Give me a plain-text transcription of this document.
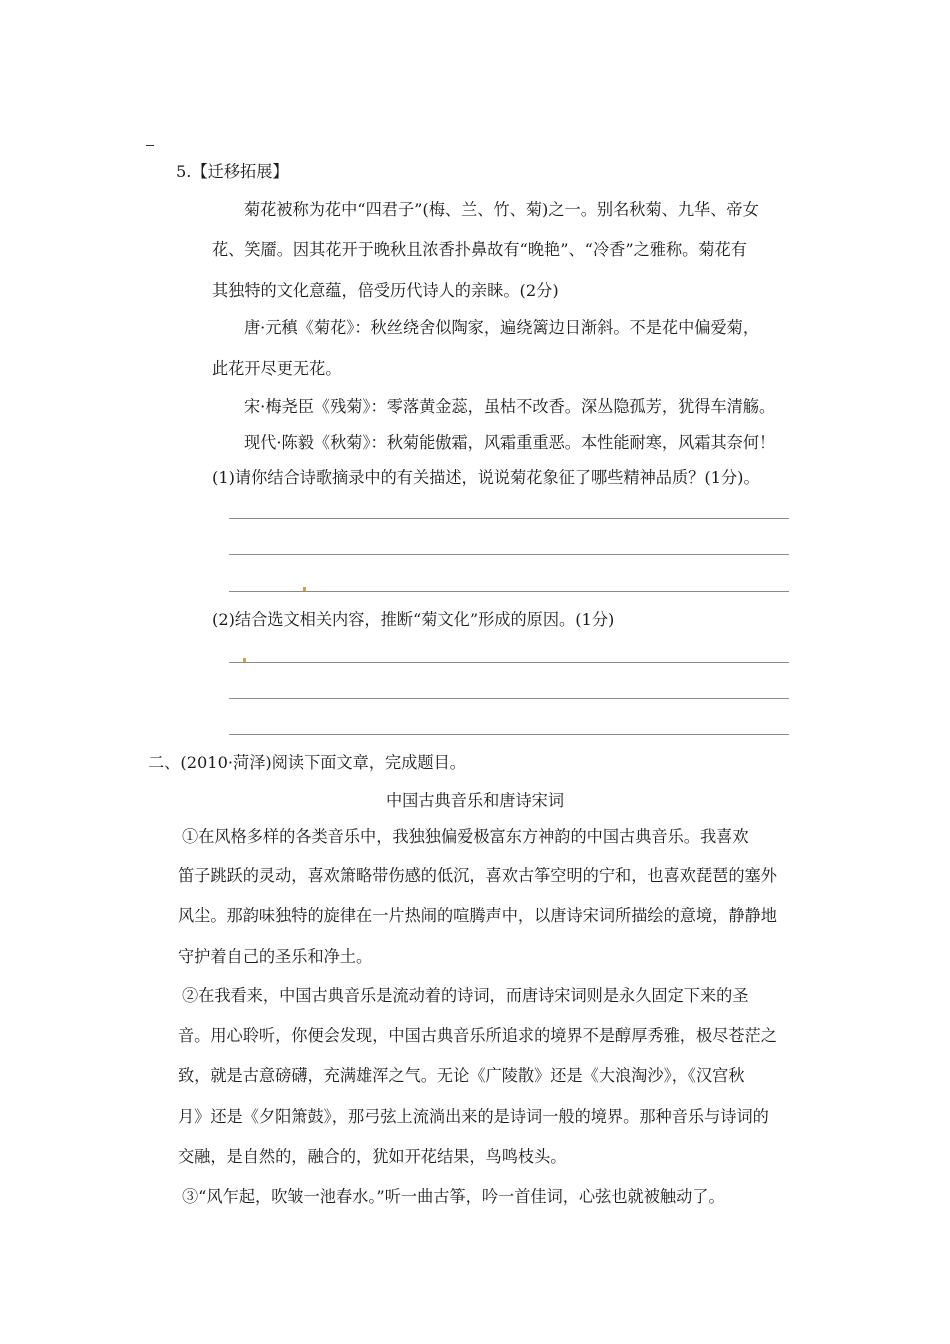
5.【迁移拓展】
菊花被称为花中“四君子”(梅、兰、竹、菊)之一。别名秋菊、九华、帝女
花、笑靥。因其花开于晚秋且浓香扑鼻故有“晚艳”、“冷香”之雅称。菊花有
其独特的文化意蕴，倍受历代诗人的亲睐。(2分)
唐·元稹《菊花》：秋丝绕舍似陶家，遍绕篱边日渐斜。不是花中偏爱菊，
此花开尽更无花。
宋·梅尧臣《残菊》：零落黄金蕊，虽枯不改香。深丛隐孤芳，犹得车清觞。
现代·陈毅《秋菊》：秋菊能傲霜，风霜重重恶。本性能耐寒，风霜其奈何！
(1)请你结合诗歌摘录中的有关描述，说说菊花象征了哪些精神品质？(1分)。
(2)结合选文相关内容，推断“菊文化”形成的原因。(1分)
二、(2010·菏泽)阅读下面文章，完成题目。
中国古典音乐和唐诗宋词
①在风格多样的各类音乐中，我独独偏爱极富东方神韵的中国古典音乐。我喜欢
笛子跳跃的灵动，喜欢箫略带伤感的低沉，喜欢古筝空明的宁和，也喜欢琵琶的塞外
风尘。那韵味独特的旋律在一片热闹的喧腾声中，以唐诗宋词所描绘的意境，静静地
守护着自己的圣乐和净土。
②在我看来，中国古典音乐是流动着的诗词，而唐诗宋词则是永久固定下来的圣
音。用心聆听，你便会发现，中国古典音乐所追求的境界不是醇厚秀雅，极尽苍茫之
致，就是古意磅礴，充满雄浑之气。无论《广陵散》还是《大浪淘沙》，《汉宫秋
月》还是《夕阳箫鼓》，那弓弦上流淌出来的是诗词一般的境界。那种音乐与诗词的
交融，是自然的，融合的，犹如开花结果，鸟鸣枝头。
③“风乍起，吹皱一池春水。”听一曲古筝，吟一首佳词，心弦也就被触动了。
